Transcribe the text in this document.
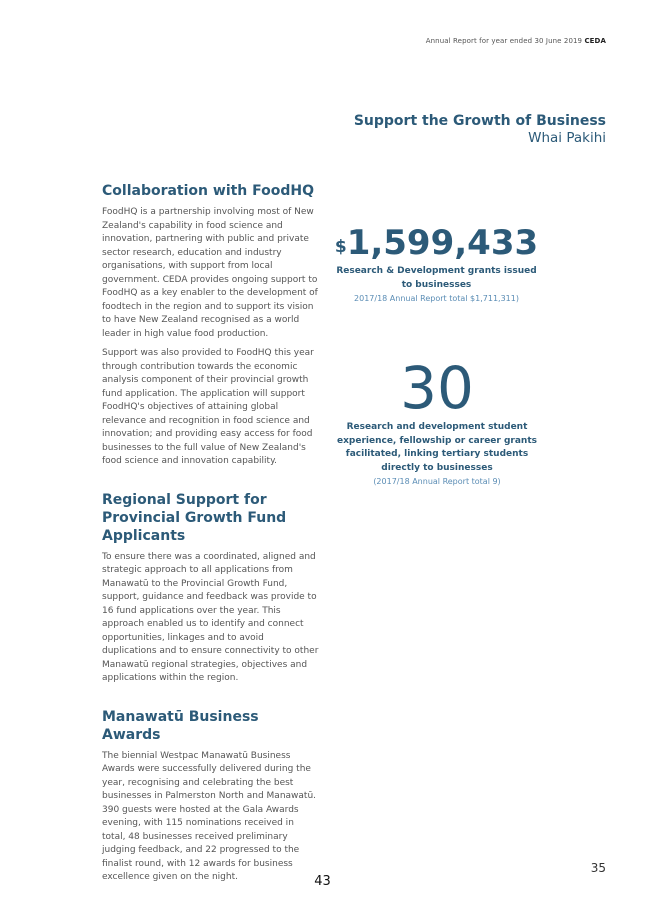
Annual Report for year ended 30 June 2019 CEDA
Support the Growth of Business
Whai Pakihi
Collaboration with FoodHQ

FoodHQ is a partnership involving most of New Zealand's capability in food science and innovation, partnering with public and private sector research, education and industry organisations, with support from local government. CEDA provides ongoing support to FoodHQ as a key enabler to the development of foodtech in the region and to support its vision to have New Zealand recognised as a world leader in high value food production.

Support was also provided to FoodHQ this year through contribution towards the economic analysis component of their provincial growth fund application. The application will support FoodHQ's objectives of attaining global relevance and recognition in food science and innovation; and providing easy access for food businesses to the full value of New Zealand's food science and innovation capability.

Regional Support for Provincial Growth Fund Applicants

To ensure there was a coordinated, aligned and strategic approach to all applications from Manawatū to the Provincial Growth Fund, support, guidance and feedback was provide to 16 fund applications over the year. This approach enabled us to identify and connect opportunities, linkages and to avoid duplications and to ensure connectivity to other Manawatū regional strategies, objectives and applications within the region.

Manawatū Business Awards

The biennial Westpac Manawatū Business Awards were successfully delivered during the year, recognising and celebrating the best businesses in Palmerston North and Manawatū. 390 guests were hosted at the Gala Awards evening, with 115 nominations received in total, 48 businesses received preliminary judging feedback, and 22 progressed to the finalist round, with 12 awards for business excellence given on the night.

$1,599,433
Research & Development grants issued to businesses
2017/18 Annual Report total $1,711,311)
30
Research and development student experience, fellowship or career grants facilitated, linking tertiary students directly to businesses
(2017/18 Annual Report total 9)
35
43
